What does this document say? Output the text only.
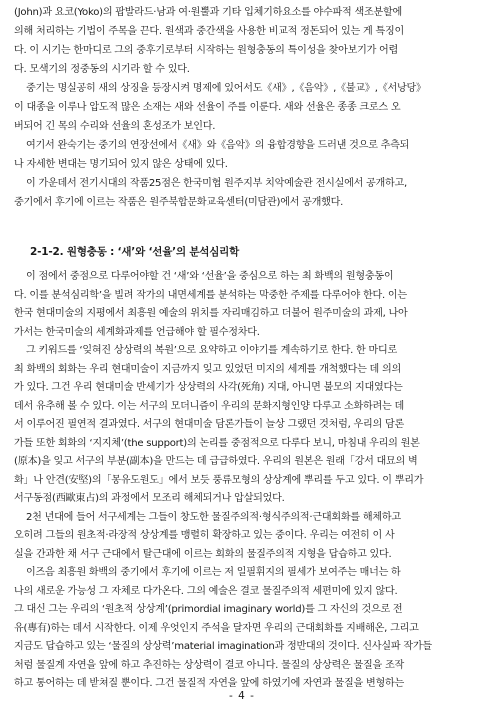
(John)과 요코(Yoko)의 팝발라드·남과 여·원뿔과 기타 입체기하요소를 야수파적 색조분할에
의해 처리하는 기법이 주목을 끈다. 원색과 중간색을 사용한 비교적 정돈되어 있는 게 특징이
다. 이 시기는 한마디로 그의 중후기로부터 시작하는 원형충동의 특이성을 찾아보기가 어렵
다. 모색기의 정중동의 시기라 할 수 있다.
중기는 명실공히 새의 상징을 등장시켜 명제에 있어서도《새》,《음악》,《불교》,《서낭당》
이 대종을 이루나 압도적 많은 소재는 새와 선율이 주를 이룬다. 새와 선율은 종종 크로스 오
버되어 긴 목의 수리와 선율의 혼성조가 보인다.
여기서 완숙기는 중기의 연장선에서《새》와《음악》의 융합경향을 드러낸 것으로 추측되
나 자세한 변대는 명기되어 있지 않은 상태에 있다.
이 가운데서 전기시대의 작품25점은 한국미협 원주지부 치악예술관 전시실에서 공개하고,
중기에서 후기에 이르는 작품은 원주북합문화교육센터(미담관)에서 공개했다.
2-1-2. 원형충동 : ‘새’와 ‘선율’의 분석심리학
이 점에서 중점으로 다루어야할 건 ‘새’와 ‘선율’을 중심으로 하는 최 화백의 원형충동이
다. 이를 분석심리학’을 빌려 작가의 내면세계를 분석하는 막중한 주제를 다루어야 한다. 이는
한국 현대미술의 지평에서 최흥원 예술의 위치를 자리매김하고 더불어 원주미술의 과제, 나아
가서는 한국미술의 세계화과제를 언급해야 할 필수정차다.
그 키워드를 ‘잊혀진 상상력의 복원’으로 요약하고 이야기를 계속하기로 한다. 한 마디로
최 화백의 회화는 우리 현대미술이 지금까지 잊고 있었던 미지의 세계를 개척했다는 데 의의
가 있다. 그건 우리 현대미술 반세기가 상상력의 사각(死角) 지대, 아니면 불모의 지대였다는
데서 유추해 볼 수 있다. 이는 서구의 모더니즘이 우리의 문화지형인양 다루고 소화하려는 데
서 이루어진 필연적 결과였다. 서구의 현대미술 담론가들이 늘상 그랬던 것처럼, 우리의 담론
가들 또한 회화의 ‘지지체’(the support)의 논리를 중점적으로 다루다 보니, 마침내 우리의 원본
(原本)을 잊고 서구의 부분(副本)을 만드는 데 급급하였다. 우리의 원본은 원래「강서 대묘의 벽
화」나 안견(安堅)의「몽유도원도」에서 보듯 풍류모형의 상상계에 뿌리를 두고 있다. 이 뿌리가
서구동점(西歐東占)의 과정에서 모조리 해체되거나 압살되었다.
2천 년대에 들어 서구세계는 그들이 창도한 물질주의적·형식주의적·근대회화를 해체하고
오히려 그들의 원초적·라장적 상상계를 맹렬히 확장하고 있는 중이다. 우리는 여전히 이 사
실을 간과한 채 서구 근대에서 탈근대에 이르는 회화의 물질주의적 지형을 답습하고 있다.
이즈음 최흥원 화백의 중기에서 후기에 이르는 저 일필휘지의 필세가 보여주는 매너는 하
나의 새로운 가능성 그 자체로 다가온다. 그의 예술은 결코 물질주의적 세편미에 있지 않다.
그 대신 그는 우리의 ‘원초적 상상계’(primordial imaginary world)를 그 자신의 것으로 전
유(專有)하는 데서 시작한다. 이제 우엇인지 주석을 달자면 우리의 근대회화를 지배해온, 그리고
지금도 답습하고 있는 ‘물질의 상상력’material imagination과 정반대의 것이다. 신사실파 작가들
처럼 물질계 자연을 앞에 하고 추진하는 상상력이 결코 아니다. 물질의 상상력은 물질을 조작
하고 통어하는 데 받쳐질 뿐이다. 그건 물질적 자연을 앞에 하였기에 자연과 물질을 변형하는
- 4 -
